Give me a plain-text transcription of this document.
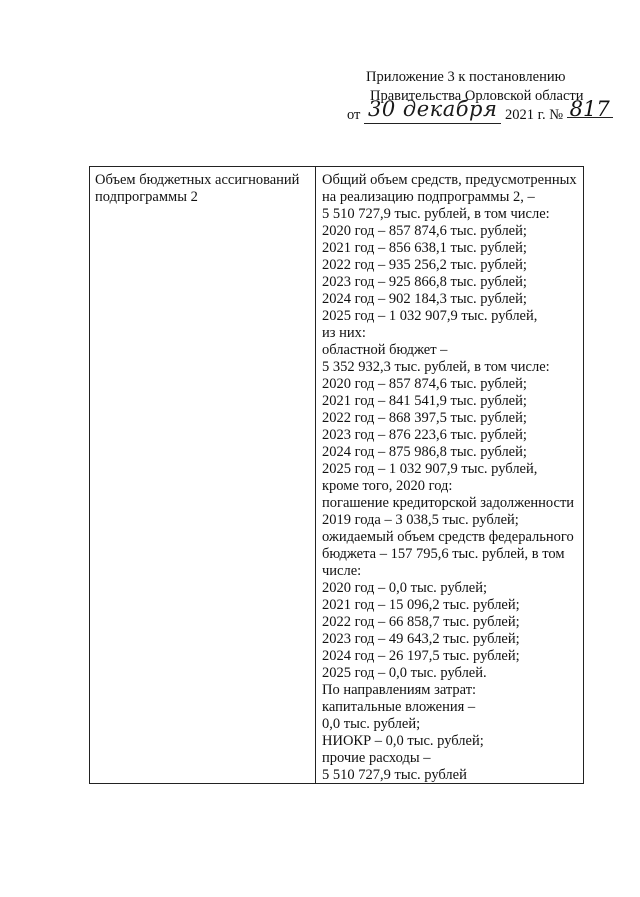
Приложение 3 к постановлению
Правительства Орловской области
от 30 декабря 2021 г. № 817
Объем бюджетных ассигнований
подпрограммы 2
Общий объем средств, предусмотренных
на реализацию подпрограммы 2, –
5 510 727,9 тыс. рублей, в том числе:
2020 год – 857 874,6 тыс. рублей;
2021 год – 856 638,1 тыс. рублей;
2022 год – 935 256,2 тыс. рублей;
2023 год – 925 866,8 тыс. рублей;
2024 год – 902 184,3 тыс. рублей;
2025 год – 1 032 907,9 тыс. рублей,
из них:
областной бюджет –
5 352 932,3 тыс. рублей, в том числе:
2020 год – 857 874,6 тыс. рублей;
2021 год – 841 541,9 тыс. рублей;
2022 год – 868 397,5 тыс. рублей;
2023 год – 876 223,6 тыс. рублей;
2024 год – 875 986,8 тыс. рублей;
2025 год – 1 032 907,9 тыс. рублей,
кроме того, 2020 год:
погашение кредиторской задолженности
2019 года – 3 038,5 тыс. рублей;
ожидаемый объем средств федерального
бюджета – 157 795,6 тыс. рублей, в том
числе:
2020 год – 0,0 тыс. рублей;
2021 год – 15 096,2 тыс. рублей;
2022 год – 66 858,7 тыс. рублей;
2023 год – 49 643,2 тыс. рублей;
2024 год – 26 197,5 тыс. рублей;
2025 год – 0,0 тыс. рублей.
По направлениям затрат:
капитальные вложения –
0,0 тыс. рублей;
НИОКР – 0,0 тыс. рублей;
прочие расходы –
5 510 727,9 тыс. рублей
